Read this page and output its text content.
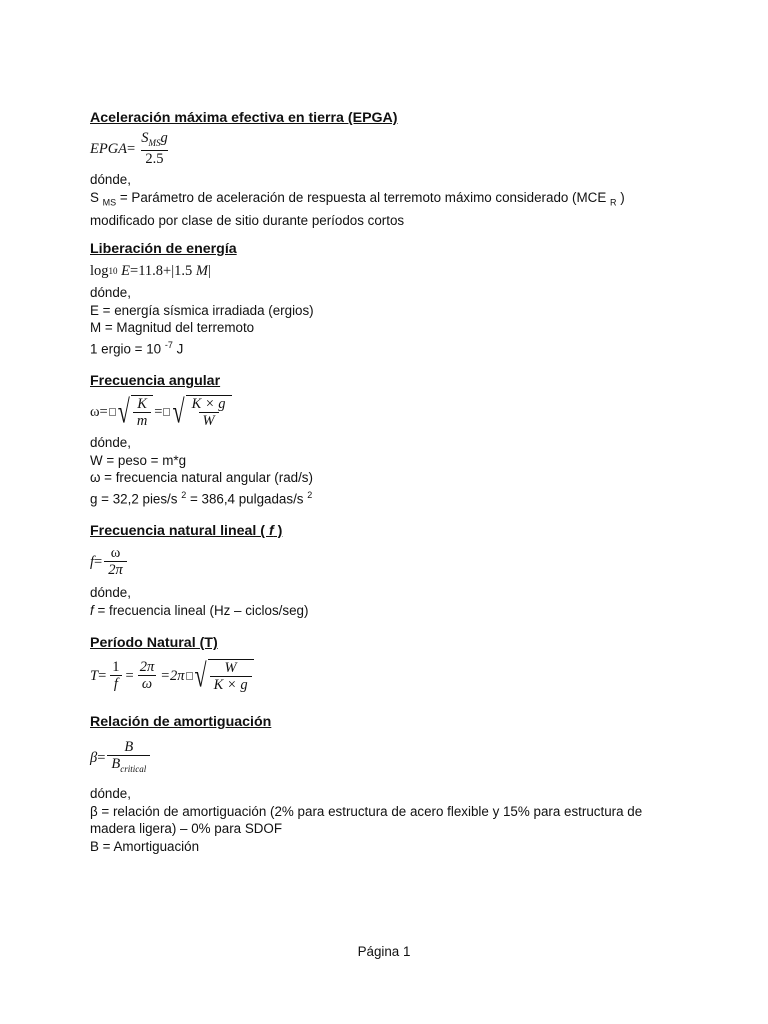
Aceleración máxima efectiva en tierra (EPGA)

EPGA = $\frac{S_{MS}g}{2.5}$

dónde,

S $_{MS}$ = Parámetro de aceleración de respuesta al terremoto máximo considerado (MCE $_R$ )

modificado por clase de sitio durante períodos cortos

Liberación de energía

log 10
E =11.8+ | 1.5
M |

dónde,

E = energía sísmica irradiada (ergios)

M = Magnitud del terremoto

1 ergio = 10 $^{-7}$ J

Frecuencia angular

ω = √ $\frac{K}{m}$ = √ $\frac{K \times g}{W}$

dónde,

W = peso = m*g

ω = frecuencia natural angular (rad/s)

g = 32,2 pies/s $^2$ = 386,4 pulgadas/s $^2$

Frecuencia natural lineal ( f )

$f = \frac{\omega}{2\pi}$

dónde,

f = frecuencia lineal (Hz – ciclos/seg)

Período Natural (T)

$T = \frac{1}{f} = \frac{2\pi}{\omega} =2\pi$ √ $\frac{W}{K \times g}$

Relación de amortiguación

$\beta = \frac{B}{B_{critical}}$

dónde,

β = relación de amortiguación (2% para estructura de acero flexible y 15% para estructura de madera ligera) – 0% para SDOF

B = Amortiguación

Página 1
